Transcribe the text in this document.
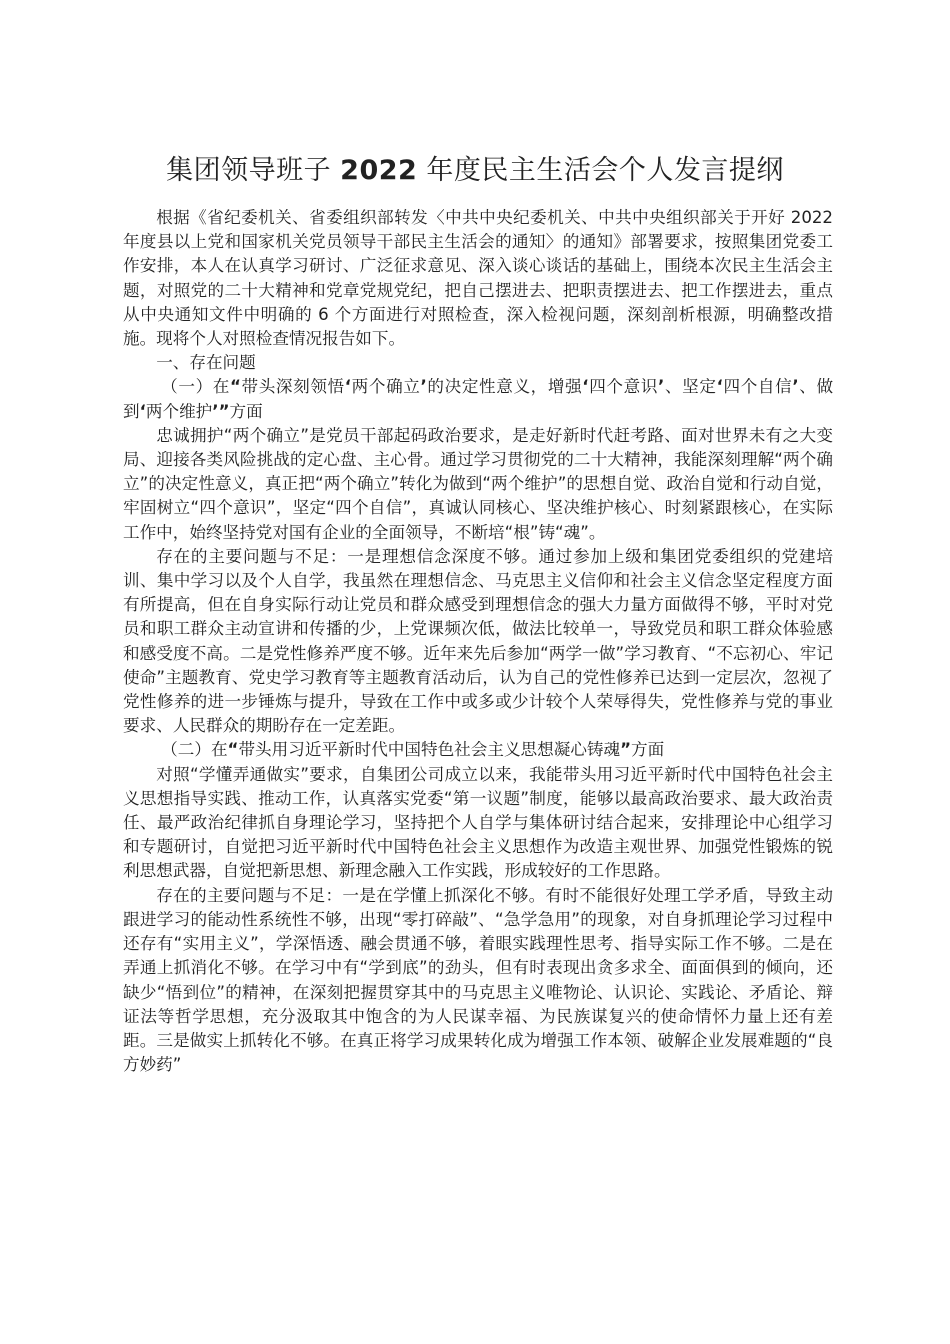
集团领导班子 2022 年度民主生活会个人发言提纲

根据《省纪委机关、省委组织部转发〈中共中央纪委机关、中共中央组织部关于开好 2022 年度县以上党和国家机关党员领导干部民主生活会的通知〉的通知》部署要求，按照集团党委工作安排，本人在认真学习研讨、广泛征求意见、深入谈心谈话的基础上，围绕本次民主生活会主题，对照党的二十大精神和党章党规党纪，把自己摆进去、把职责摆进去、把工作摆进去，重点从中央通知文件中明确的 6 个方面进行对照检查，深入检视问题，深刻剖析根源，明确整改措施。现将个人对照检查情况报告如下。

一、存在问题

（一）在“带头深刻领悟‘两个确立’的决定性意义，增强‘四个意识’、坚定‘四个自信’、做到‘两个维护’”方面

忠诚拥护“两个确立”是党员干部起码政治要求，是走好新时代赶考路、面对世界未有之大变局、迎接各类风险挑战的定心盘、主心骨。通过学习贯彻党的二十大精神，我能深刻理解“两个确立”的决定性意义，真正把“两个确立”转化为做到“两个维护”的思想自觉、政治自觉和行动自觉，牢固树立“四个意识”，坚定“四个自信”，真诚认同核心、坚决维护核心、时刻紧跟核心，在实际工作中，始终坚持党对国有企业的全面领导，不断培“根”铸“魂”。

存在的主要问题与不足：一是理想信念深度不够。通过参加上级和集团党委组织的党建培训、集中学习以及个人自学，我虽然在理想信念、马克思主义信仰和社会主义信念坚定程度方面有所提高，但在自身实际行动让党员和群众感受到理想信念的强大力量方面做得不够，平时对党员和职工群众主动宣讲和传播的少，上党课频次低，做法比较单一，导致党员和职工群众体验感和感受度不高。二是党性修养严度不够。近年来先后参加“两学一做”学习教育、“不忘初心、牢记使命”主题教育、党史学习教育等主题教育活动后，认为自己的党性修养已达到一定层次，忽视了党性修养的进一步锤炼与提升，导致在工作中或多或少计较个人荣辱得失，党性修养与党的事业要求、人民群众的期盼存在一定差距。

（二）在“带头用习近平新时代中国特色社会主义思想凝心铸魂”方面

对照“学懂弄通做实”要求，自集团公司成立以来，我能带头用习近平新时代中国特色社会主义思想指导实践、推动工作，认真落实党委“第一议题”制度，能够以最高政治要求、最大政治责任、最严政治纪律抓自身理论学习，坚持把个人自学与集体研讨结合起来，安排理论中心组学习和专题研讨，自觉把习近平新时代中国特色社会主义思想作为改造主观世界、加强党性锻炼的锐利思想武器，自觉把新思想、新理念融入工作实践，形成较好的工作思路。

存在的主要问题与不足：一是在学懂上抓深化不够。有时不能很好处理工学矛盾，导致主动跟进学习的能动性系统性不够，出现“零打碎敲”、“急学急用”的现象，对自身抓理论学习过程中还存有“实用主义”，学深悟透、融会贯通不够，着眼实践理性思考、指导实际工作不够。二是在弄通上抓消化不够。在学习中有“学到底”的劲头，但有时表现出贪多求全、面面俱到的倾向，还缺少“悟到位”的精神，在深刻把握贯穿其中的马克思主义唯物论、认识论、实践论、矛盾论、辩证法等哲学思想，充分汲取其中饱含的为人民谋幸福、为民族谋复兴的使命情怀力量上还有差距。三是做实上抓转化不够。在真正将学习成果转化成为增强工作本领、破解企业发展难题的“良方妙药”
